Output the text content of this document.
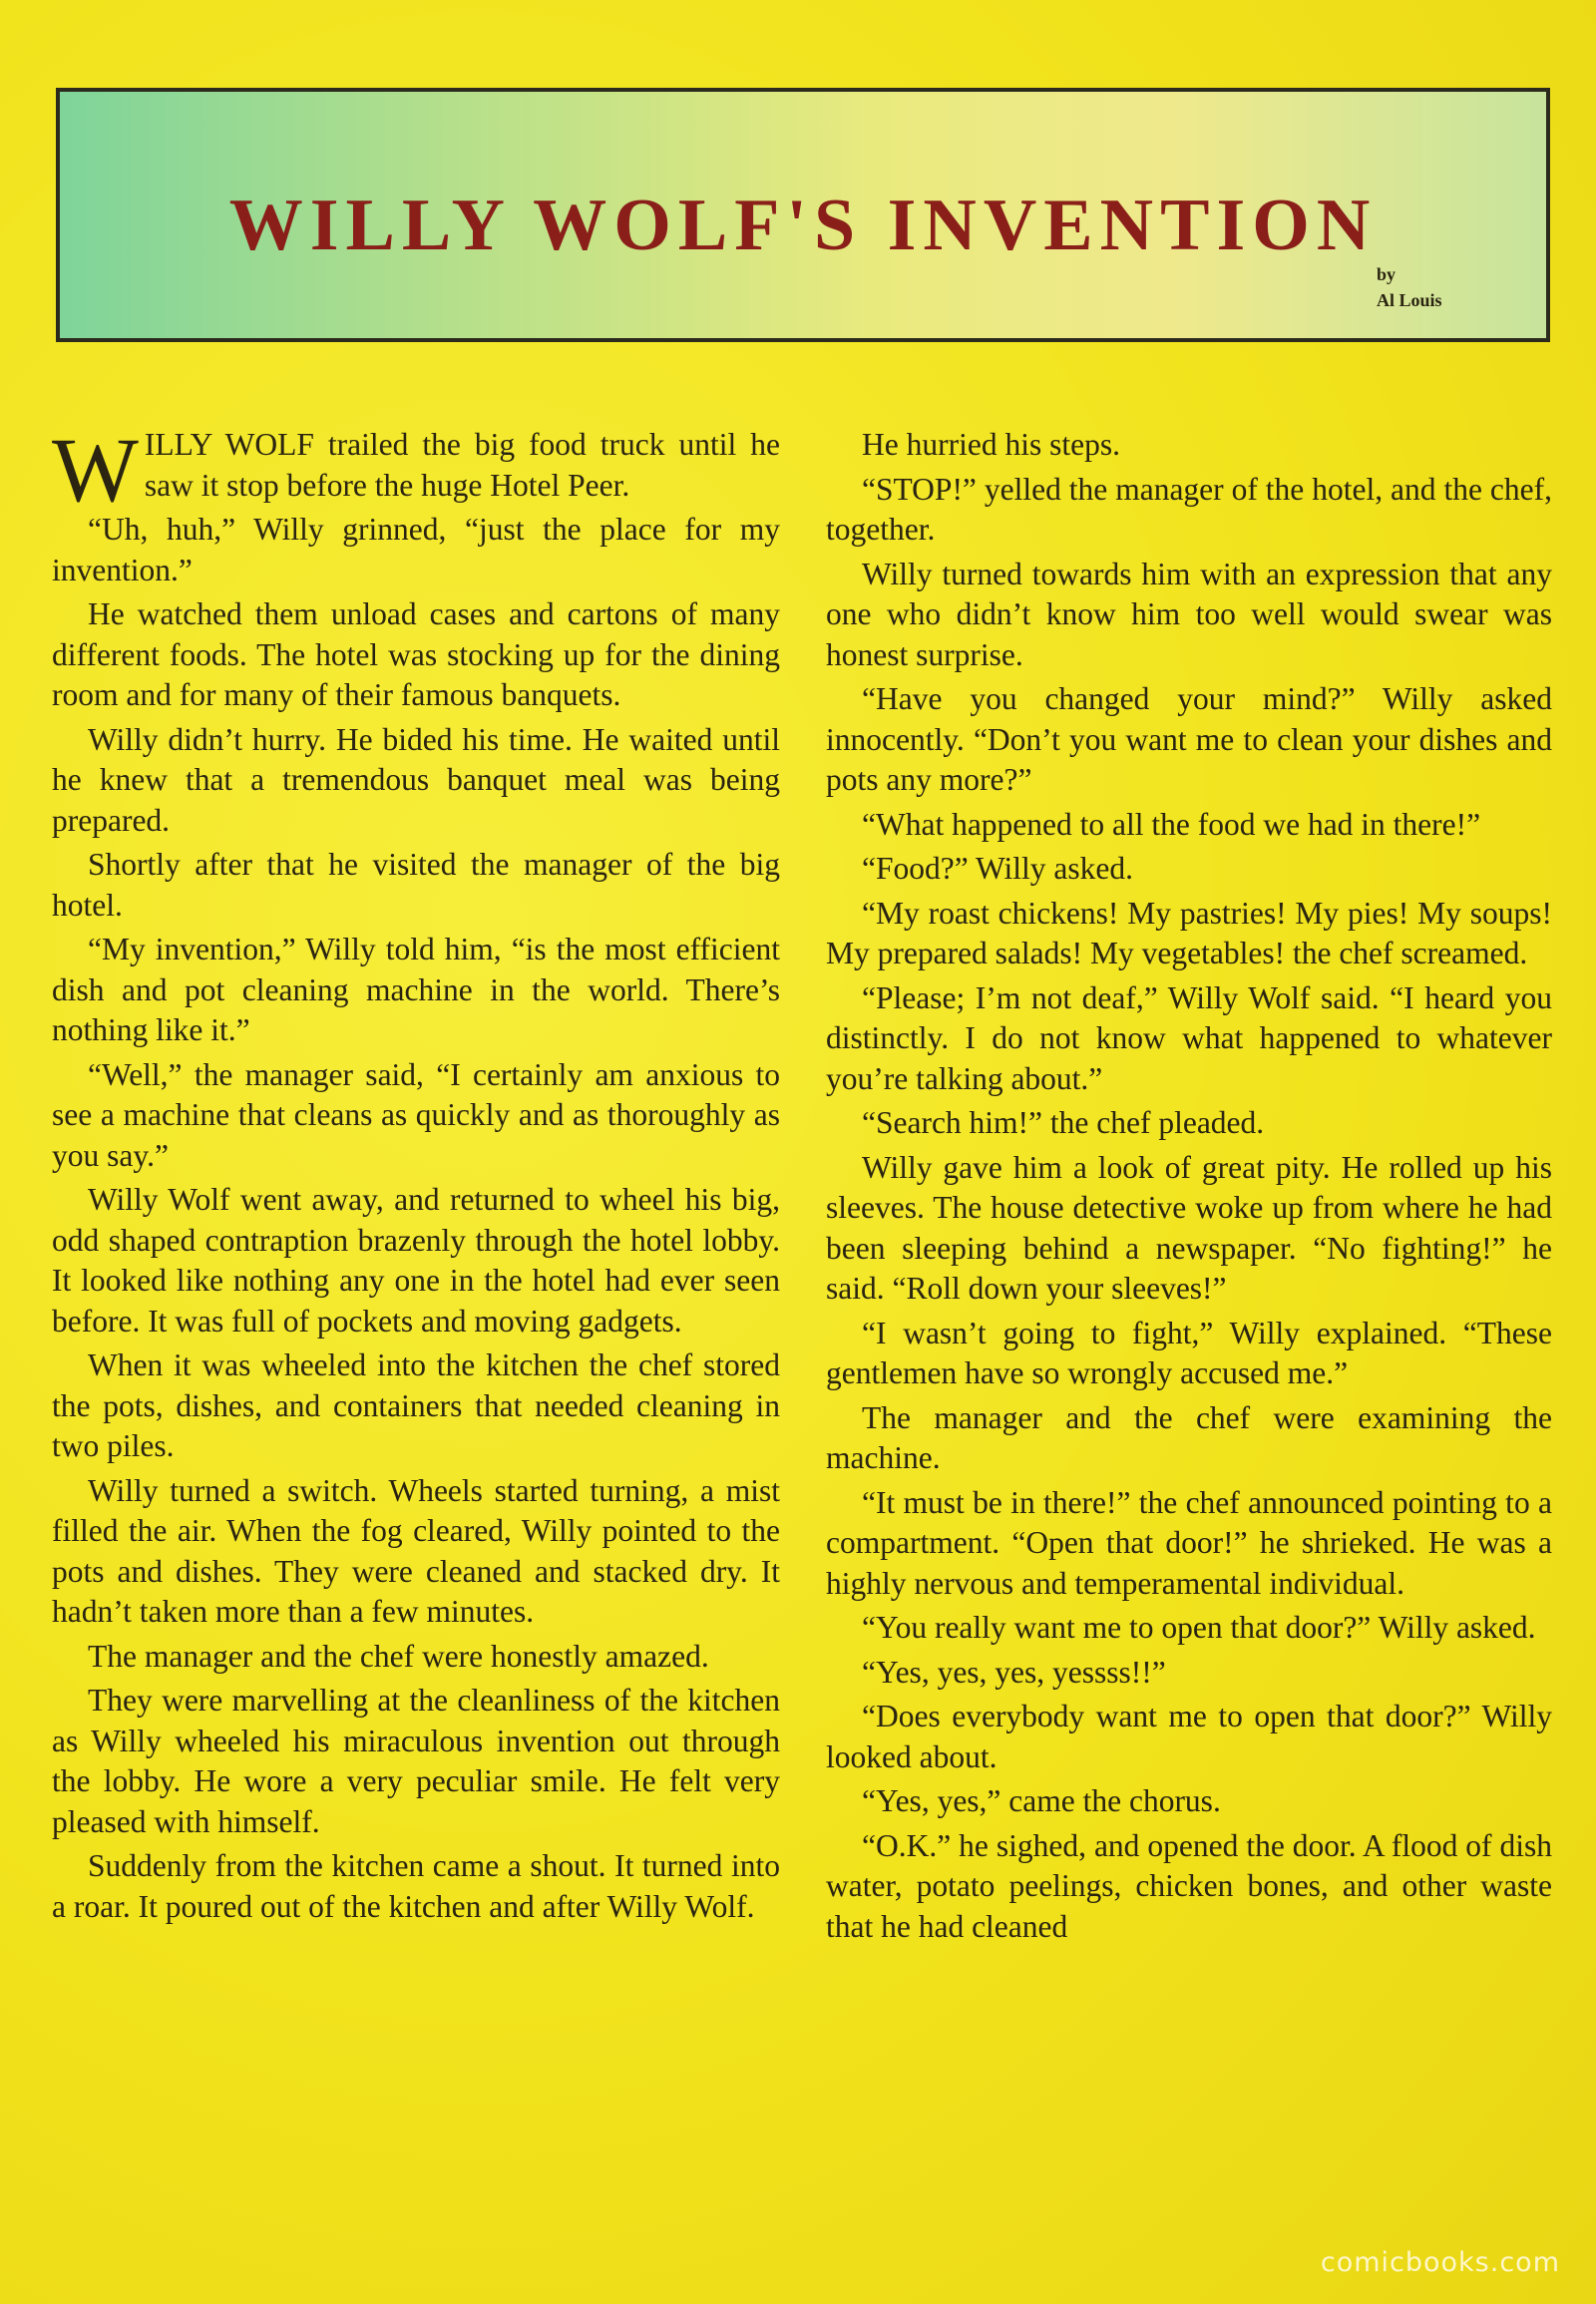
WILLY WOLF'S INVENTION
by
Al Louis

WILLY WOLF trailed the big food truck until he saw it stop before the huge Hotel Peer.

“Uh, huh,” Willy grinned, “just the place for my invention.”

He watched them unload cases and cartons of many different foods. The hotel was stocking up for the dining room and for many of their famous banquets.

Willy didn’t hurry. He bided his time. He waited until he knew that a tremendous banquet meal was being prepared.

Shortly after that he visited the manager of the big hotel.

“My invention,” Willy told him, “is the most efficient dish and pot cleaning machine in the world. There’s nothing like it.”

“Well,” the manager said, “I certainly am anxious to see a machine that cleans as quickly and as thoroughly as you say.”

Willy Wolf went away, and returned to wheel his big, odd shaped contraption brazenly through the hotel lobby. It looked like nothing any one in the hotel had ever seen before. It was full of pockets and moving gadgets.

When it was wheeled into the kitchen the chef stored the pots, dishes, and containers that needed cleaning in two piles.

Willy turned a switch. Wheels started turning, a mist filled the air. When the fog cleared, Willy pointed to the pots and dishes. They were cleaned and stacked dry. It hadn’t taken more than a few minutes.

The manager and the chef were honestly amazed.

They were marvelling at the cleanliness of the kitchen as Willy wheeled his miraculous invention out through the lobby. He wore a very peculiar smile. He felt very pleased with himself.

Suddenly from the kitchen came a shout. It turned into a roar. It poured out of the kitchen and after Willy Wolf.

He hurried his steps.

“STOP!” yelled the manager of the hotel, and the chef, together.

Willy turned towards him with an expression that any one who didn’t know him too well would swear was honest surprise.

“Have you changed your mind?” Willy asked innocently. “Don’t you want me to clean your dishes and pots any more?”

“What happened to all the food we had in there!”

“Food?” Willy asked.

“My roast chickens! My pastries! My pies! My soups! My prepared salads! My vegetables! the chef screamed.

“Please; I’m not deaf,” Willy Wolf said. “I heard you distinctly. I do not know what happened to whatever you’re talking about.”

“Search him!” the chef pleaded.

Willy gave him a look of great pity. He rolled up his sleeves. The house detective woke up from where he had been sleeping behind a newspaper. “No fighting!” he said. “Roll down your sleeves!”

“I wasn’t going to fight,” Willy explained. “These gentlemen have so wrongly accused me.”

The manager and the chef were examining the machine.

“It must be in there!” the chef announced pointing to a compartment. “Open that door!” he shrieked. He was a highly nervous and temperamental individual.

“You really want me to open that door?” Willy asked.

“Yes, yes, yes, yessss!!”

“Does everybody want me to open that door?” Willy looked about.

“Yes, yes,” came the chorus.

“O.K.” he sighed, and opened the door. A flood of dish water, potato peelings, chicken bones, and other waste that he had cleaned

comicbooks.com
